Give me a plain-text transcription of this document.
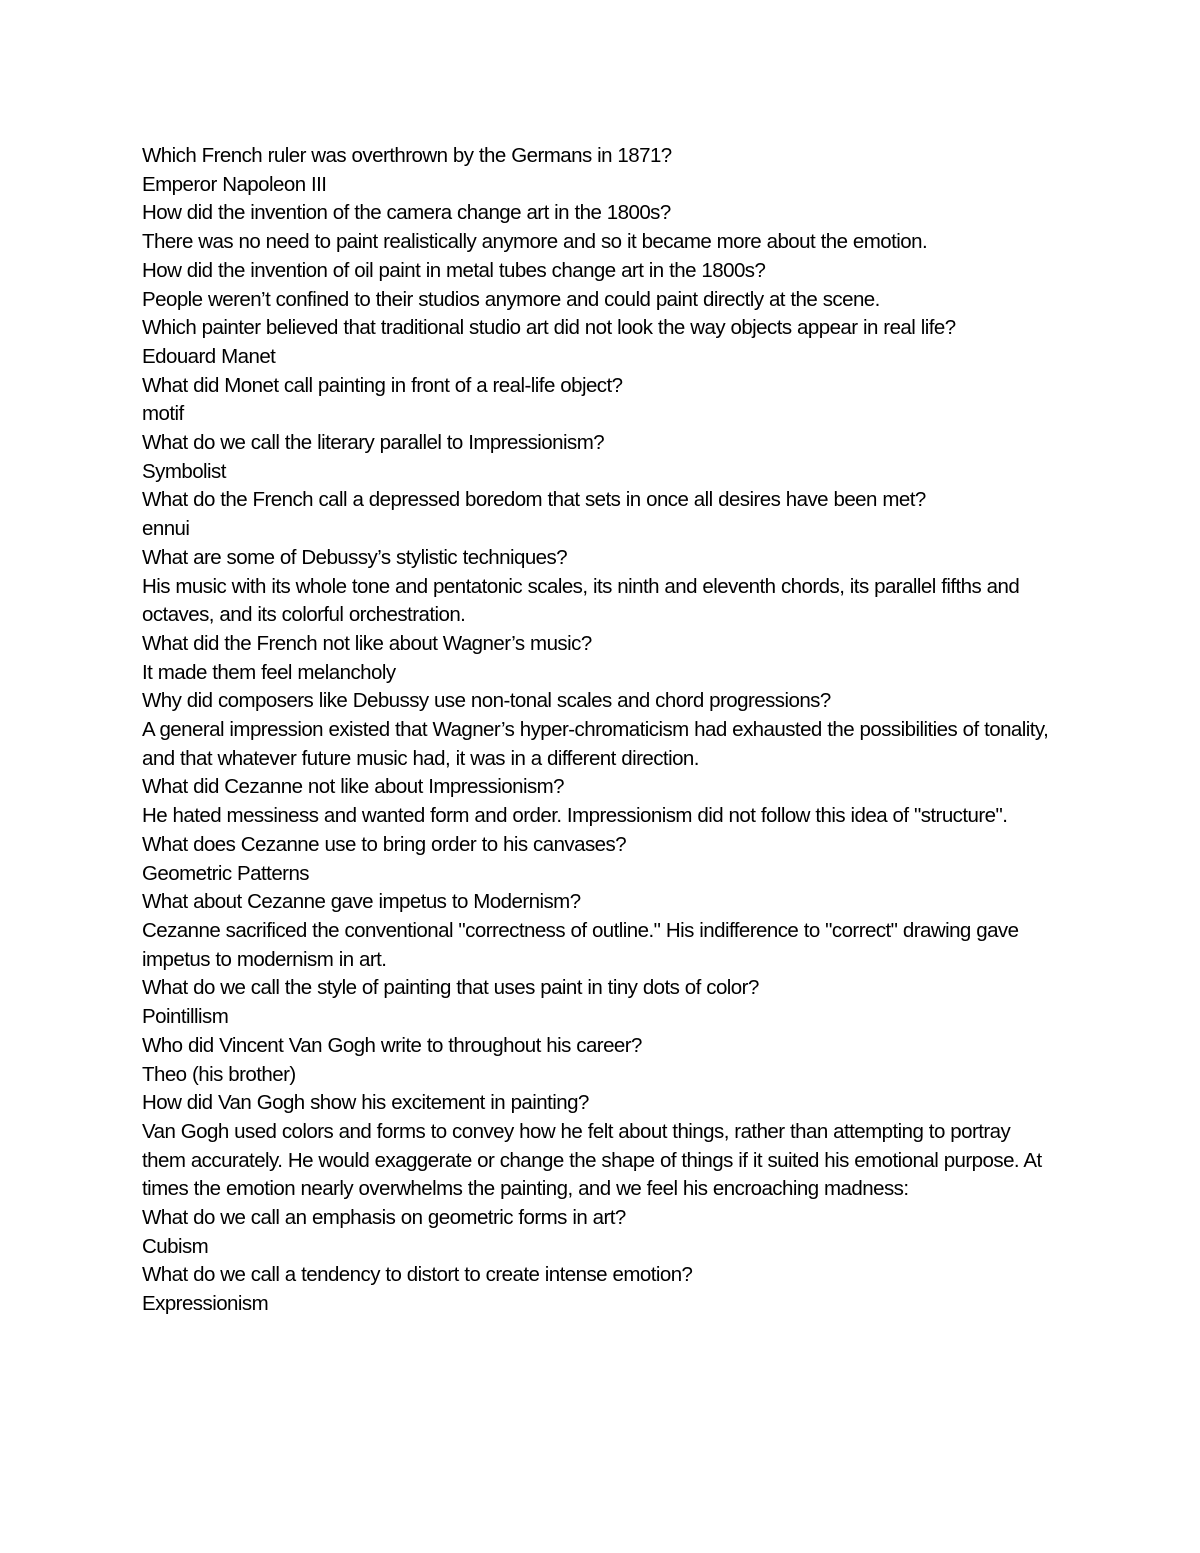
Which French ruler was overthrown by the Germans in 1871?

Emperor Napoleon III

How did the invention of the camera change art in the 1800s?

There was no need to paint realistically anymore and so it became more about the emotion.

How did the invention of oil paint in metal tubes change art in the 1800s?

People weren’t confined to their studios anymore and could paint directly at the scene.

Which painter believed that traditional studio art did not look the way objects appear in real life?

Edouard Manet

What did Monet call painting in front of a real-life object?

motif

What do we call the literary parallel to Impressionism?

Symbolist

What do the French call a depressed boredom that sets in once all desires have been met?

ennui

What are some of Debussy’s stylistic techniques?

His music with its whole tone and pentatonic scales, its ninth and eleventh chords, its parallel fifths and octaves, and its colorful orchestration.

What did the French not like about Wagner’s music?

It made them feel melancholy

Why did composers like Debussy use non-tonal scales and chord progressions?

A general impression existed that Wagner’s hyper-chromaticism had exhausted the possibilities of tonality, and that whatever future music had, it was in a different direction.

What did Cezanne not like about Impressionism?

He hated messiness and wanted form and order. Impressionism did not follow this idea of "structure".

What does Cezanne use to bring order to his canvases?

Geometric Patterns

What about Cezanne gave impetus to Modernism?

Cezanne sacrificed the conventional "correctness of outline." His indifference to "correct" drawing gave impetus to modernism in art.

What do we call the style of painting that uses paint in tiny dots of color?

Pointillism

Who did Vincent Van Gogh write to throughout his career?

Theo (his brother)

How did Van Gogh show his excitement in painting?

Van Gogh used colors and forms to convey how he felt about things, rather than attempting to portray them accurately. He would exaggerate or change the shape of things if it suited his emotional purpose. At times the emotion nearly overwhelms the painting, and we feel his encroaching madness:

What do we call an emphasis on geometric forms in art?

Cubism

What do we call a tendency to distort to create intense emotion?

Expressionism
